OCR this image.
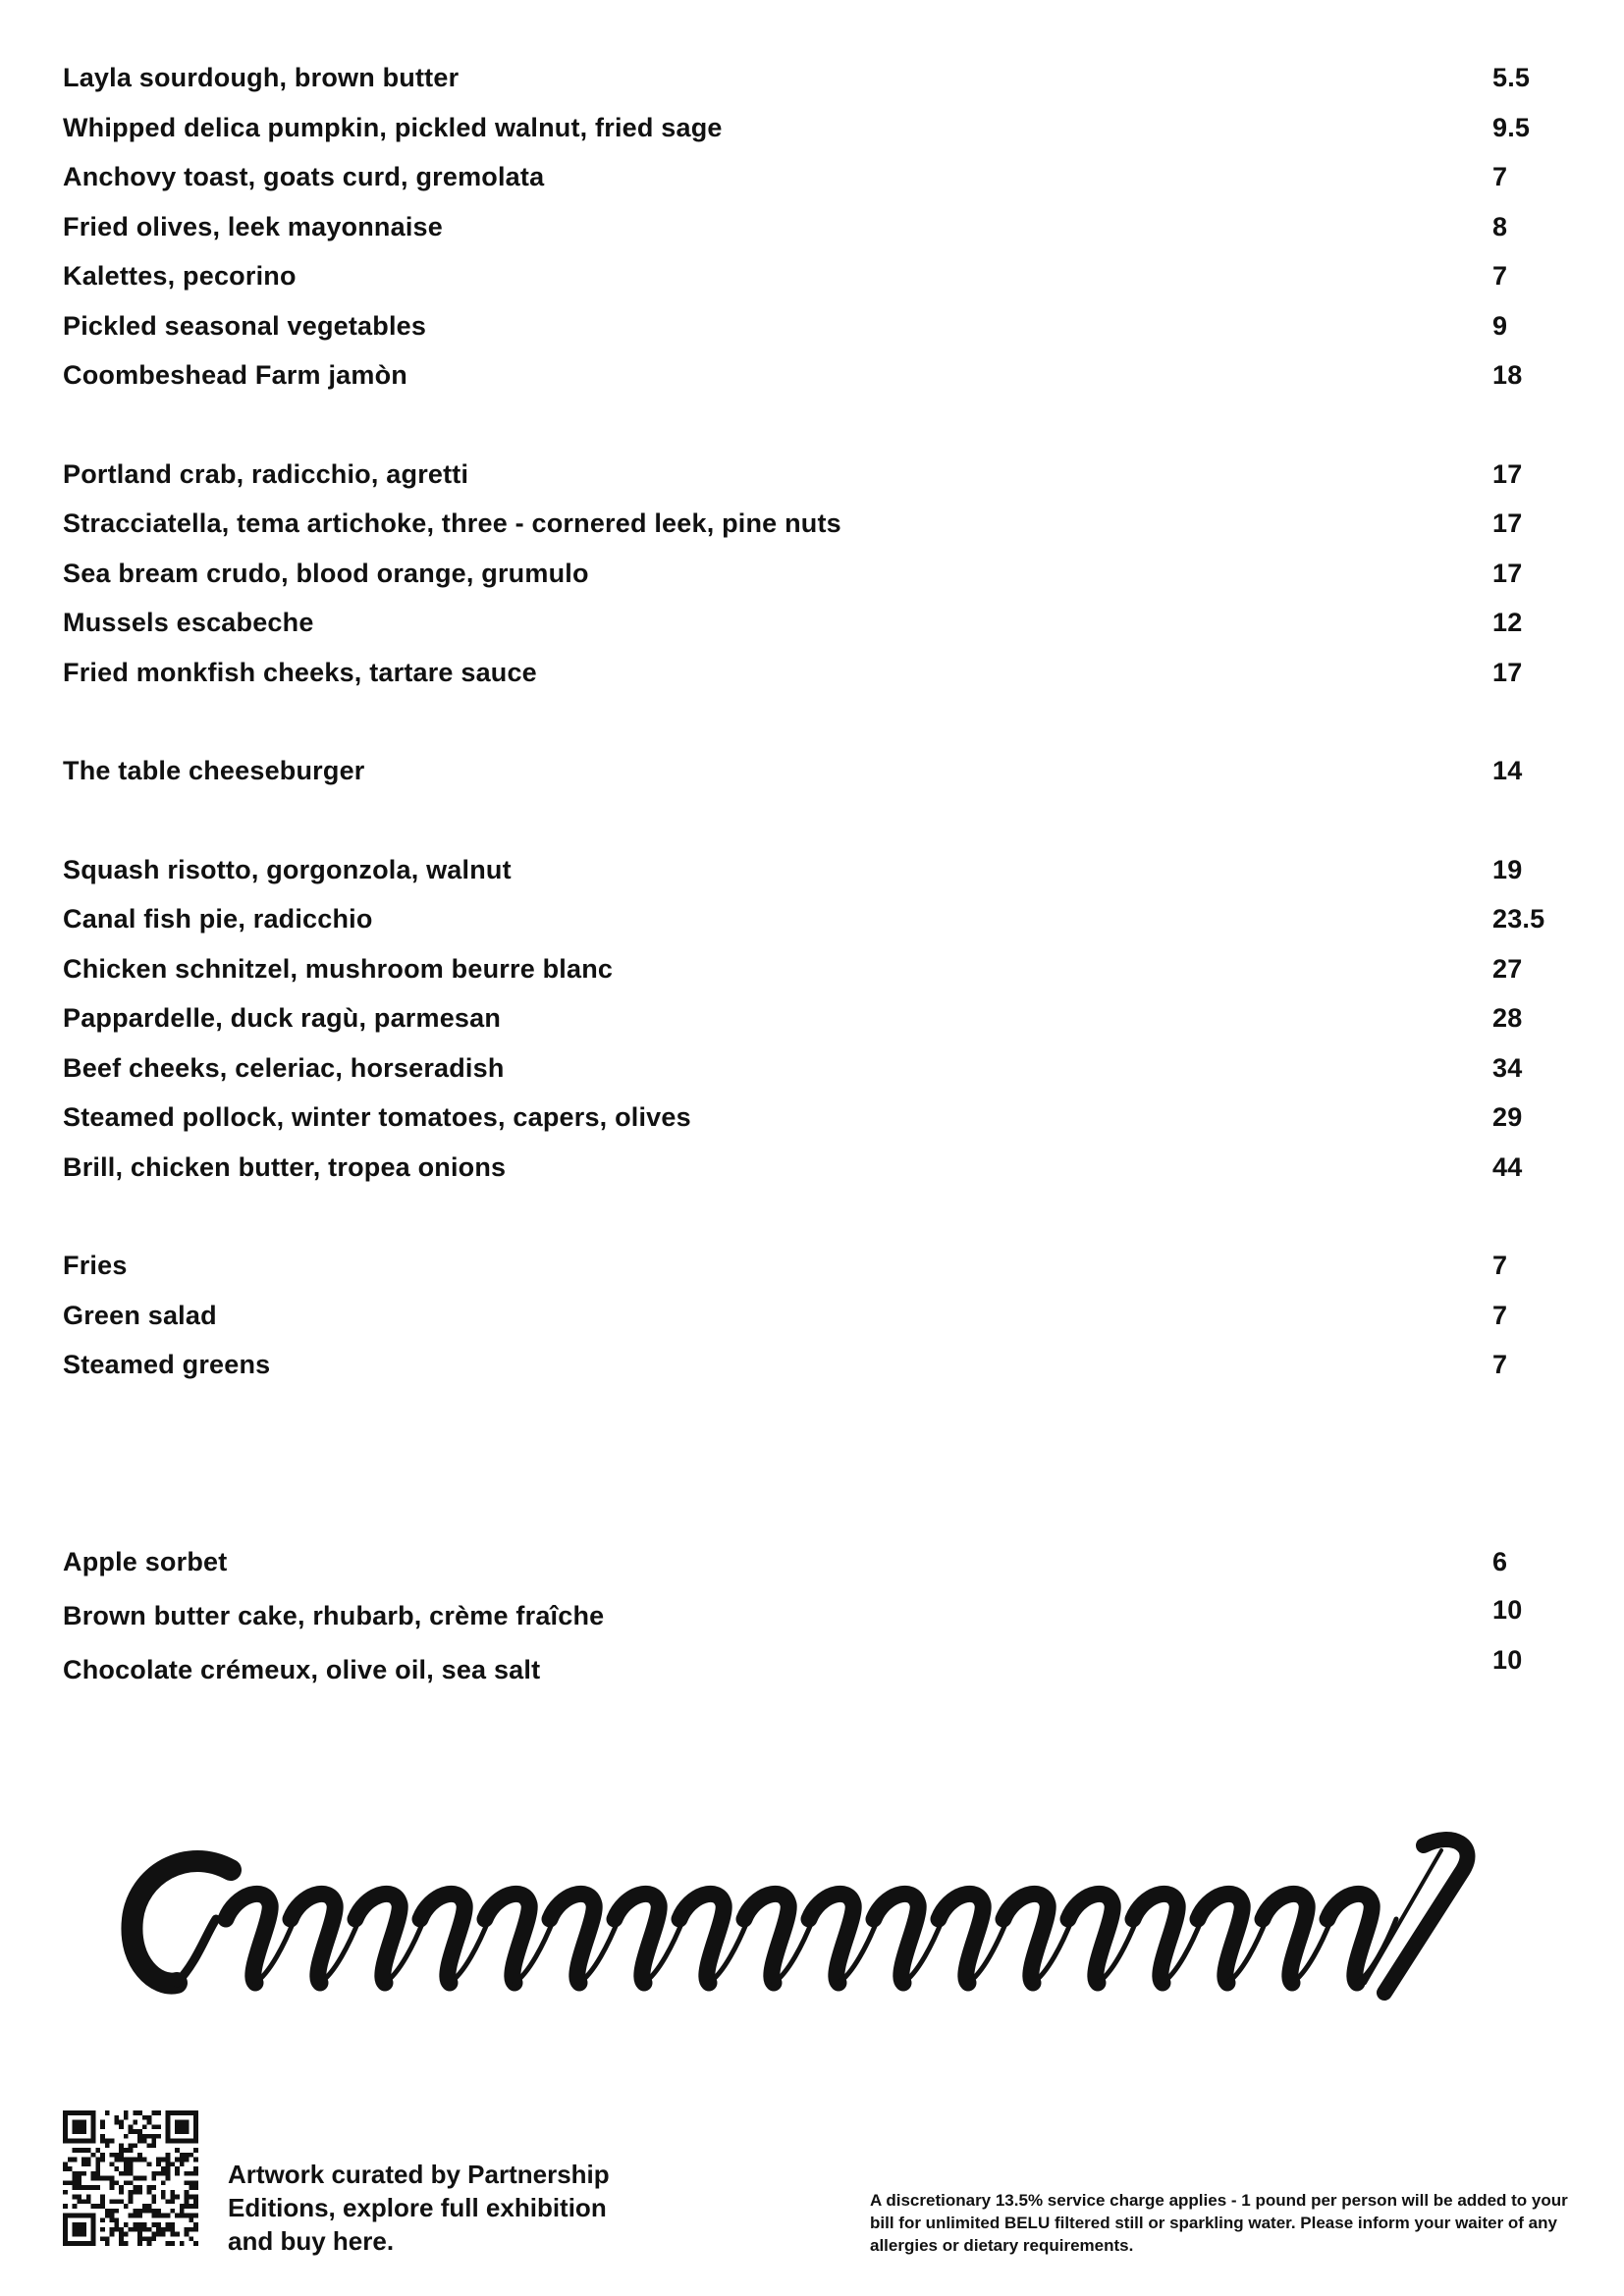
Layla sourdough, brown butter	5.5
Whipped delica pumpkin, pickled walnut, fried sage	9.5
Anchovy toast, goats curd, gremolata	7
Fried olives, leek mayonnaise	8
Kalettes, pecorino	7
Pickled seasonal vegetables	9
Coombeshead Farm jamòn	18
Portland crab, radicchio, agretti	17
Stracciatella, tema artichoke, three - cornered leek, pine nuts	17
Sea bream crudo, blood orange, grumulo	17
Mussels escabeche	12
Fried monkfish cheeks, tartare sauce	17
The table cheeseburger	14
Squash risotto, gorgonzola, walnut	19
Canal fish pie, radicchio	23.5
Chicken schnitzel, mushroom beurre blanc	27
Pappardelle, duck ragù, parmesan	28
Beef cheeks, celeriac, horseradish	34
Steamed pollock, winter tomatoes, capers, olives	29
Brill, chicken butter, tropea onions	44
Fries	7
Green salad	7
Steamed greens	7
Apple sorbet	6
Brown butter cake, rhubarb, crème fraîche	10
Chocolate crémeux, olive oil, sea salt	10
Artwork curated by Partnership Editions, explore full exhibition and buy here.
A discretionary 13.5% service charge applies - 1 pound per person will be added to your bill for unlimited BELU filtered still or sparkling water. Please inform your waiter of any allergies or dietary requirements.
